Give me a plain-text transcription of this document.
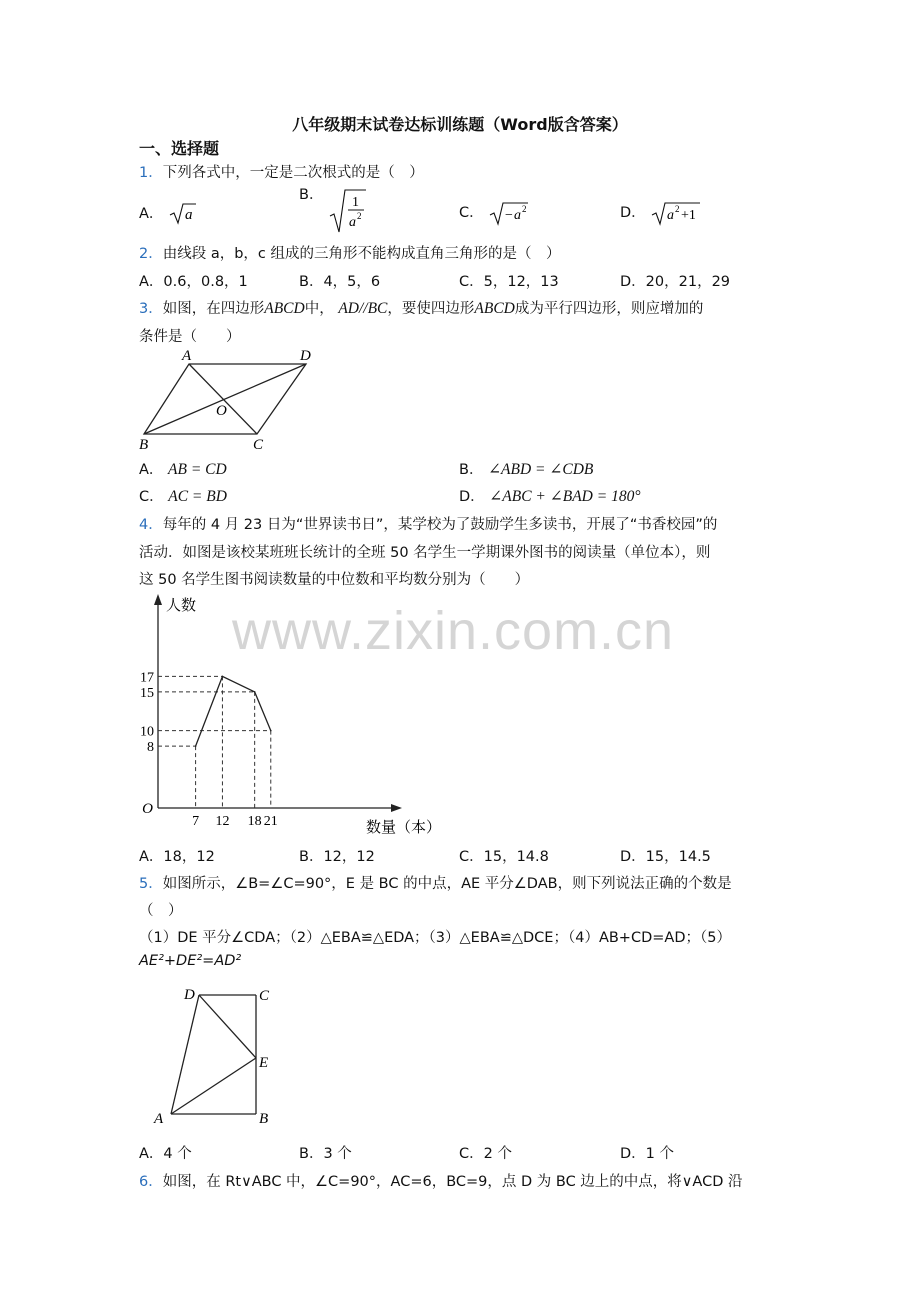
八年级期末试卷达标训练题（Word版含答案）
一、选择题
1．下列各式中，一定是二次根式的是（　）
A． a
B． 1
a 2	C． − a 2	D． a 2 +1
2．由线段 a，b，c 组成的三角形不能构成直角三角形的是（　）
A．0.6，0.8，1	B．4，5，6	C．5，12，13	D．20，21，29
3．如图，在四边形ABCD中， AD//BC，要使四边形ABCD成为平行四边形，则应增加的
条件是（　　）
A	D
O
B	C
A． AB = CD	B． ∠ABD = ∠CDB
C． AC = BD	D． ∠ABC + ∠BAD = 180°
4．每年的 4 月 23 日为“世界读书日”，某学校为了鼓励学生多读书，开展了“书香校园”的
活动．如图是该校某班班长统计的全班 50 名学生一学期课外图书的阅读量（单位本），则
这 50 名学生图书阅读数量的中位数和平均数分别为（　　）
www.zixin.com.cn
7 12 18 21
8
10
15
17
O
人数
数量（本）
A．18，12	B．12，12	C．15，14.8	D．15，14.5
5．如图所示，∠B=∠C=90°，E 是 BC 的中点，AE 平分∠DAB，则下列说法正确的个数是
（　）
（1）DE 平分∠CDA；（2）△EBA≌△EDA；（3）△EBA≌△DCE；（4）AB+CD=AD；（5）
AE²+DE²=AD²
D	C
E
A	B
A．4 个	B．3 个	C．2 个	D．1 个
6．如图，在 Rt∨ABC 中，∠C=90°，AC=6，BC=9，点 D 为 BC 边上的中点，将∨ACD 沿
